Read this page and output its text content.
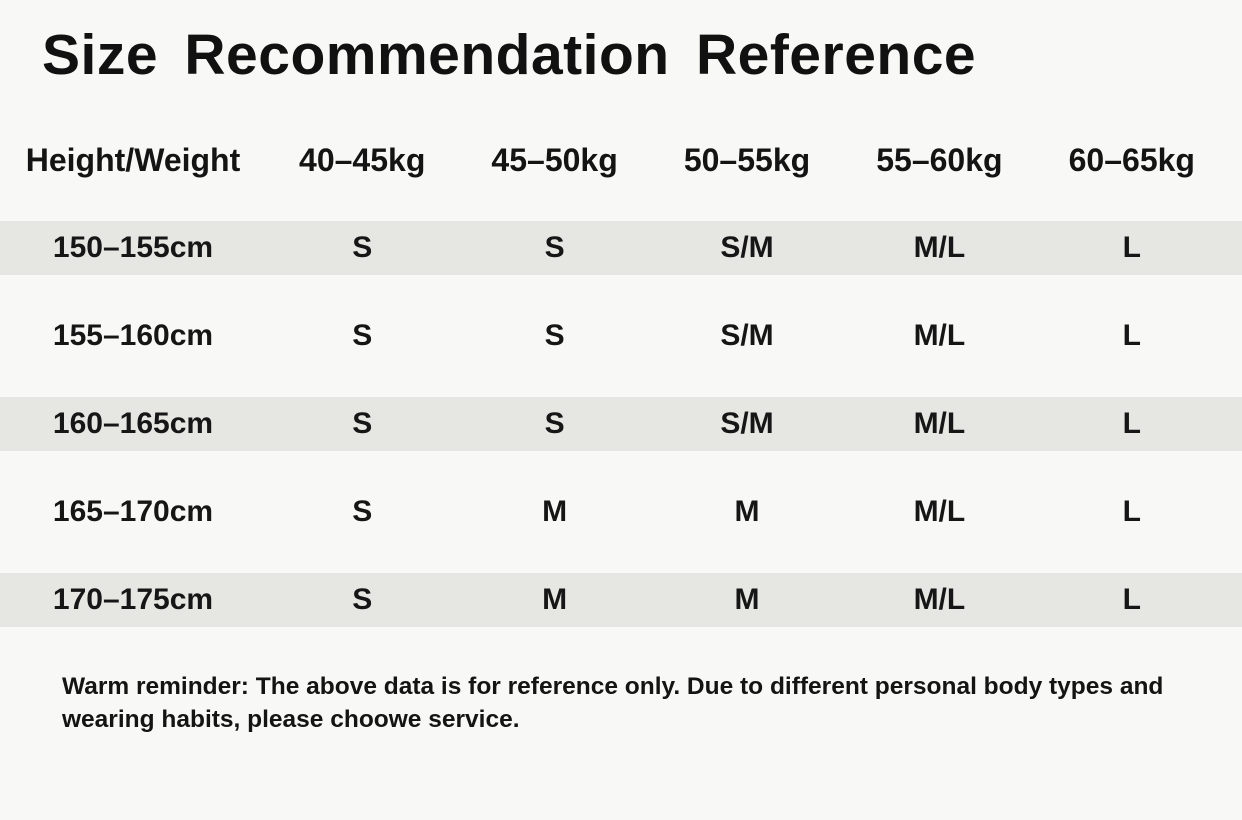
Size Recommendation Reference
Height/Weight	40–45kg	45–50kg	50–55kg	55–60kg	60–65kg
150–155cm	S	S	S/M	M/L	L
155–160cm	S	S	S/M	M/L	L
160–165cm	S	S	S/M	M/L	L
165–170cm	S	M	M	M/L	L
170–175cm	S	M	M	M/L	L
Warm reminder: The above data is for reference only. Due to different personal body types and wearing habits, please choowe service.
